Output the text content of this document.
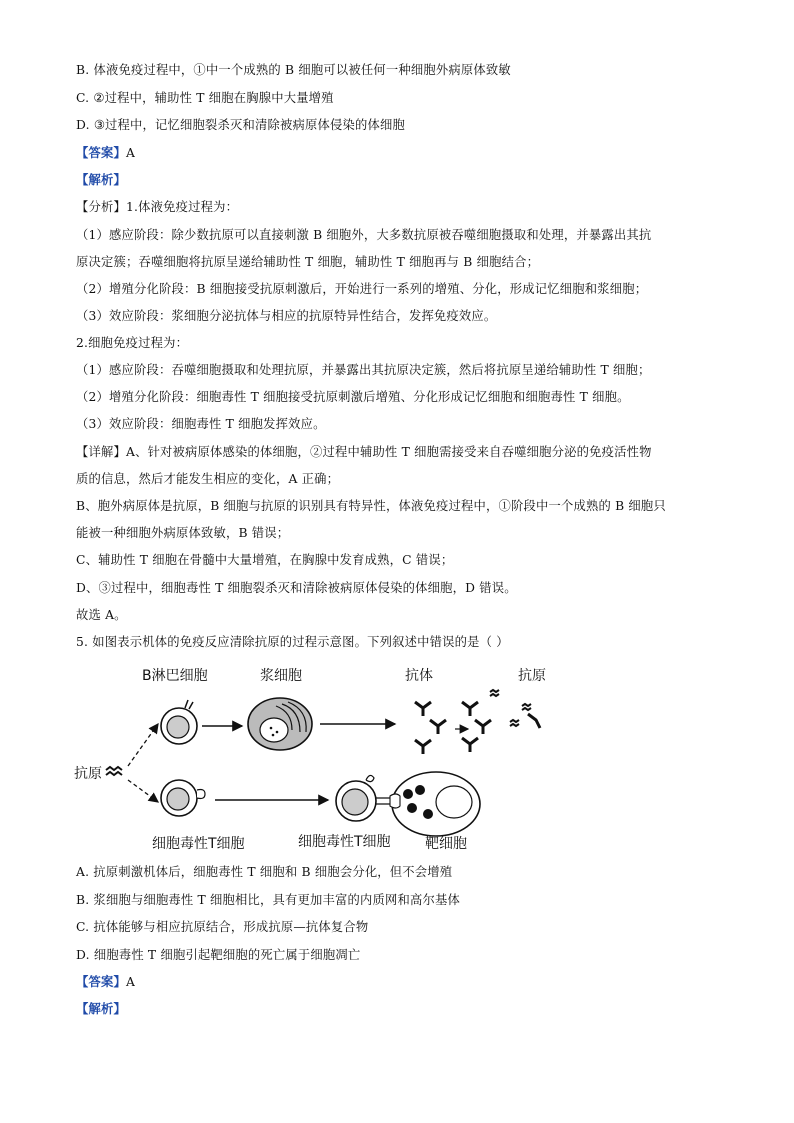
B. 体液免疫过程中，①中一个成熟的 B 细胞可以被任何一种细胞外病原体致敏
C. ②过程中，辅助性 T 细胞在胸腺中大量增殖
D. ③过程中，记忆细胞裂杀灭和清除被病原体侵染的体细胞
【答案】A
【解析】
【分析】1.体液免疫过程为：
（1）感应阶段：除少数抗原可以直接刺激 B 细胞外，大多数抗原被吞噬细胞摄取和处理，并暴露出其抗
原决定簇；吞噬细胞将抗原呈递给辅助性 T 细胞，辅助性 T 细胞再与 B 细胞结合；
（2）增殖分化阶段：B 细胞接受抗原刺激后，开始进行一系列的增殖、分化，形成记忆细胞和浆细胞；
（3）效应阶段：浆细胞分泌抗体与相应的抗原特异性结合，发挥免疫效应。
2.细胞免疫过程为：
（1）感应阶段：吞噬细胞摄取和处理抗原，并暴露出其抗原决定簇，然后将抗原呈递给辅助性 T 细胞；
（2）增殖分化阶段：细胞毒性 T 细胞接受抗原刺激后增殖、分化形成记忆细胞和细胞毒性 T 细胞。
（3）效应阶段：细胞毒性 T 细胞发挥效应。
【详解】A、针对被病原体感染的体细胞，②过程中辅助性 T 细胞需接受来自吞噬细胞分泌的免疫活性物
质的信息，然后才能发生相应的变化，A 正确；
B、胞外病原体是抗原，B 细胞与抗原的识别具有特异性，体液免疫过程中，①阶段中一个成熟的 B 细胞只
能被一种细胞外病原体致敏，B 错误；
C、辅助性 T 细胞在骨髓中大量增殖，在胸腺中发育成熟，C 错误；
D、③过程中，细胞毒性 T 细胞裂杀灭和清除被病原体侵染的体细胞，D 错误。
故选 A。
5. 如图表示机体的免疫反应清除抗原的过程示意图。下列叙述中错误的是（ ）
B淋巴细胞	浆细胞	抗体	抗原
抗原
细胞毒性T细胞	细胞毒性T细胞 靶细胞
A. 抗原刺激机体后，细胞毒性 T 细胞和 B 细胞会分化，但不会增殖
B. 浆细胞与细胞毒性 T 细胞相比，具有更加丰富的内质网和高尔基体
C. 抗体能够与相应抗原结合，形成抗原—抗体复合物
D. 细胞毒性 T 细胞引起靶细胞的死亡属于细胞凋亡
【答案】A
【解析】
